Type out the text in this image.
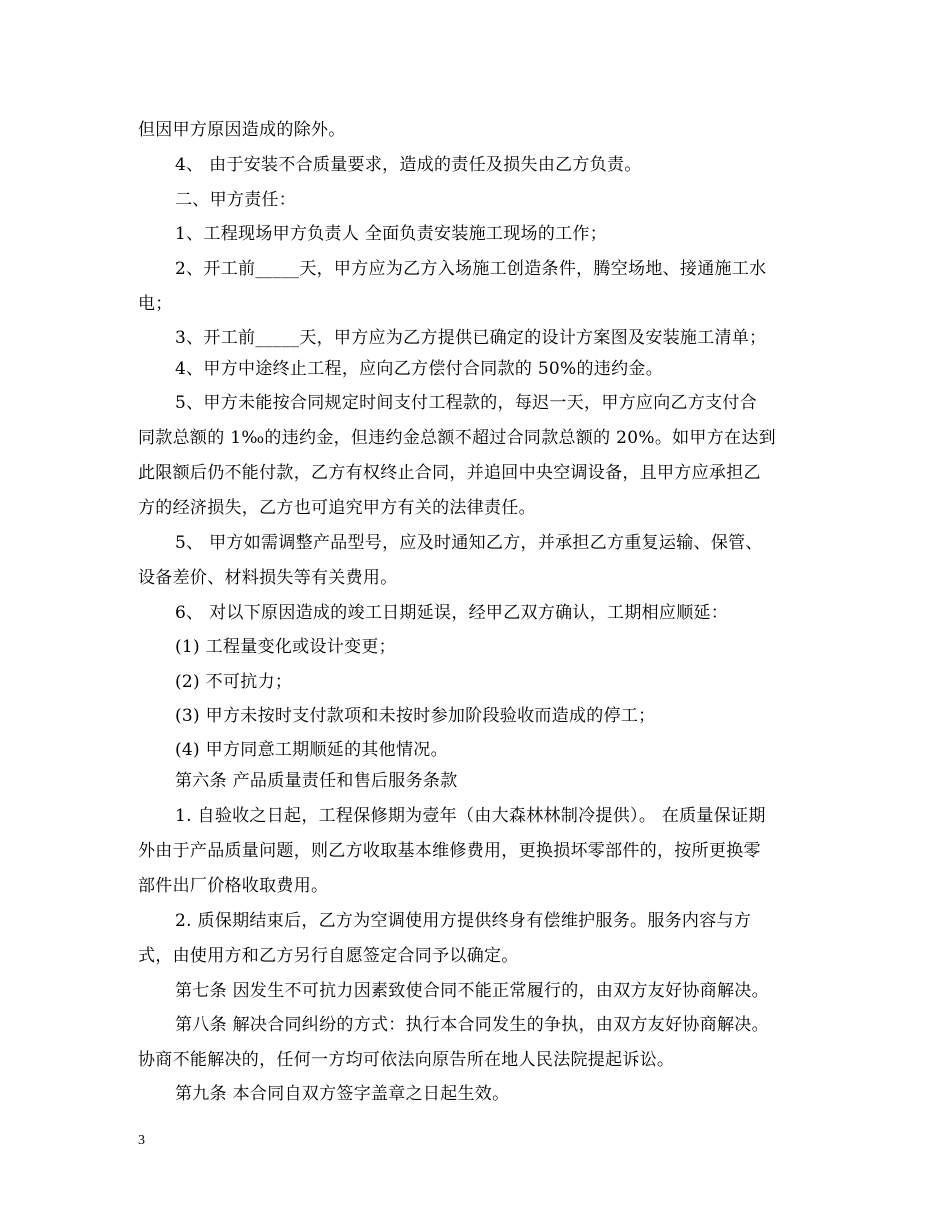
但因甲方原因造成的除外。

4、 由于安装不合质量要求，造成的责任及损失由乙方负责。

二、甲方责任：

1、工程现场甲方负责人 全面负责安装施工现场的工作；

2、开工前_____天，甲方应为乙方入场施工创造条件，腾空场地、接通施工水

电；

3、开工前_____天，甲方应为乙方提供已确定的设计方案图及安装施工清单；

4、甲方中途终止工程，应向乙方偿付合同款的 50%的违约金。

5、甲方未能按合同规定时间支付工程款的，每迟一天，甲方应向乙方支付合

同款总额的 1‰的违约金，但违约金总额不超过合同款总额的 20%。如甲方在达到

此限额后仍不能付款，乙方有权终止合同，并追回中央空调设备，且甲方应承担乙

方的经济损失，乙方也可追究甲方有关的法律责任。

5、 甲方如需调整产品型号，应及时通知乙方，并承担乙方重复运输、保管、

设备差价、材料损失等有关费用。

6、 对以下原因造成的竣工日期延误，经甲乙双方确认，工期相应顺延：

(1) 工程量变化或设计变更；

(2) 不可抗力；

(3) 甲方未按时支付款项和未按时参加阶段验收而造成的停工；

(4) 甲方同意工期顺延的其他情况。

第六条 产品质量责任和售后服务条款

1. 自验收之日起，工程保修期为壹年（由大森林林制冷提供）。 在质量保证期

外由于产品质量问题，则乙方收取基本维修费用，更换损坏零部件的，按所更换零

部件出厂价格收取费用。

2. 质保期结束后，乙方为空调使用方提供终身有偿维护服务。服务内容与方

式，由使用方和乙方另行自愿签定合同予以确定。

第七条 因发生不可抗力因素致使合同不能正常履行的，由双方友好协商解决。

第八条 解决合同纠纷的方式：执行本合同发生的争执，由双方友好协商解决。

协商不能解决的，任何一方均可依法向原告所在地人民法院提起诉讼。

第九条 本合同自双方签字盖章之日起生效。

3
